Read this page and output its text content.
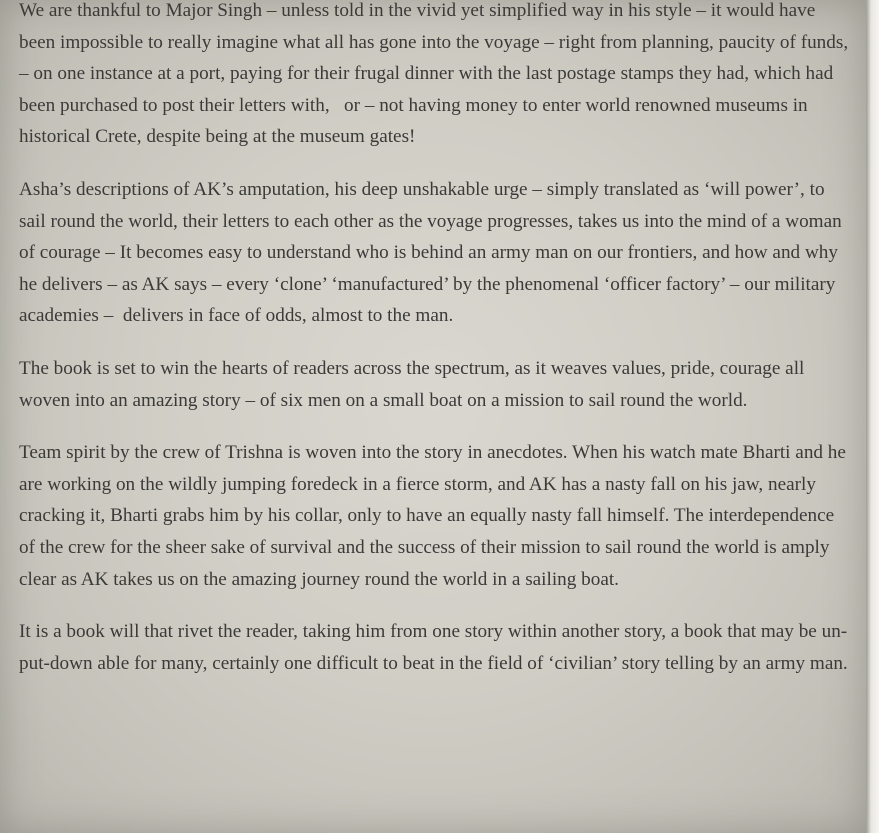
We are thankful to Major Singh – unless told in the vivid yet simplified way in his style – it would have been impossible to really imagine what all has gone into the voyage – right from planning, paucity of funds, – on one instance at a port, paying for their frugal dinner with the last postage stamps they had, which had been purchased to post their letters with,   or – not having money to enter world renowned museums in historical Crete, despite being at the museum gates!

Asha’s descriptions of AK’s amputation, his deep unshakable urge – simply translated as ‘will power’, to sail round the world, their letters to each other as the voyage progresses, takes us into the mind of a woman of courage – It becomes easy to understand who is behind an army man on our frontiers, and how and why he delivers – as AK says – every ‘clone’ ‘manufactured’ by the phenomenal ‘officer factory’ – our military academies –  delivers in face of odds, almost to the man.

The book is set to win the hearts of readers across the spectrum, as it weaves values, pride, courage all woven into an amazing story – of six men on a small boat on a mission to sail round the world.

Team spirit by the crew of Trishna is woven into the story in anecdotes. When his watch mate Bharti and he are working on the wildly jumping foredeck in a fierce storm, and AK has a nasty fall on his jaw, nearly cracking it, Bharti grabs him by his collar, only to have an equally nasty fall himself. The interdependence of the crew for the sheer sake of survival and the success of their mission to sail round the world is amply clear as AK takes us on the amazing journey round the world in a sailing boat.

It is a book will that rivet the reader, taking him from one story within another story, a book that may be un-put-down able for many, certainly one difficult to beat in the field of ‘civilian’ story telling by an army man.
